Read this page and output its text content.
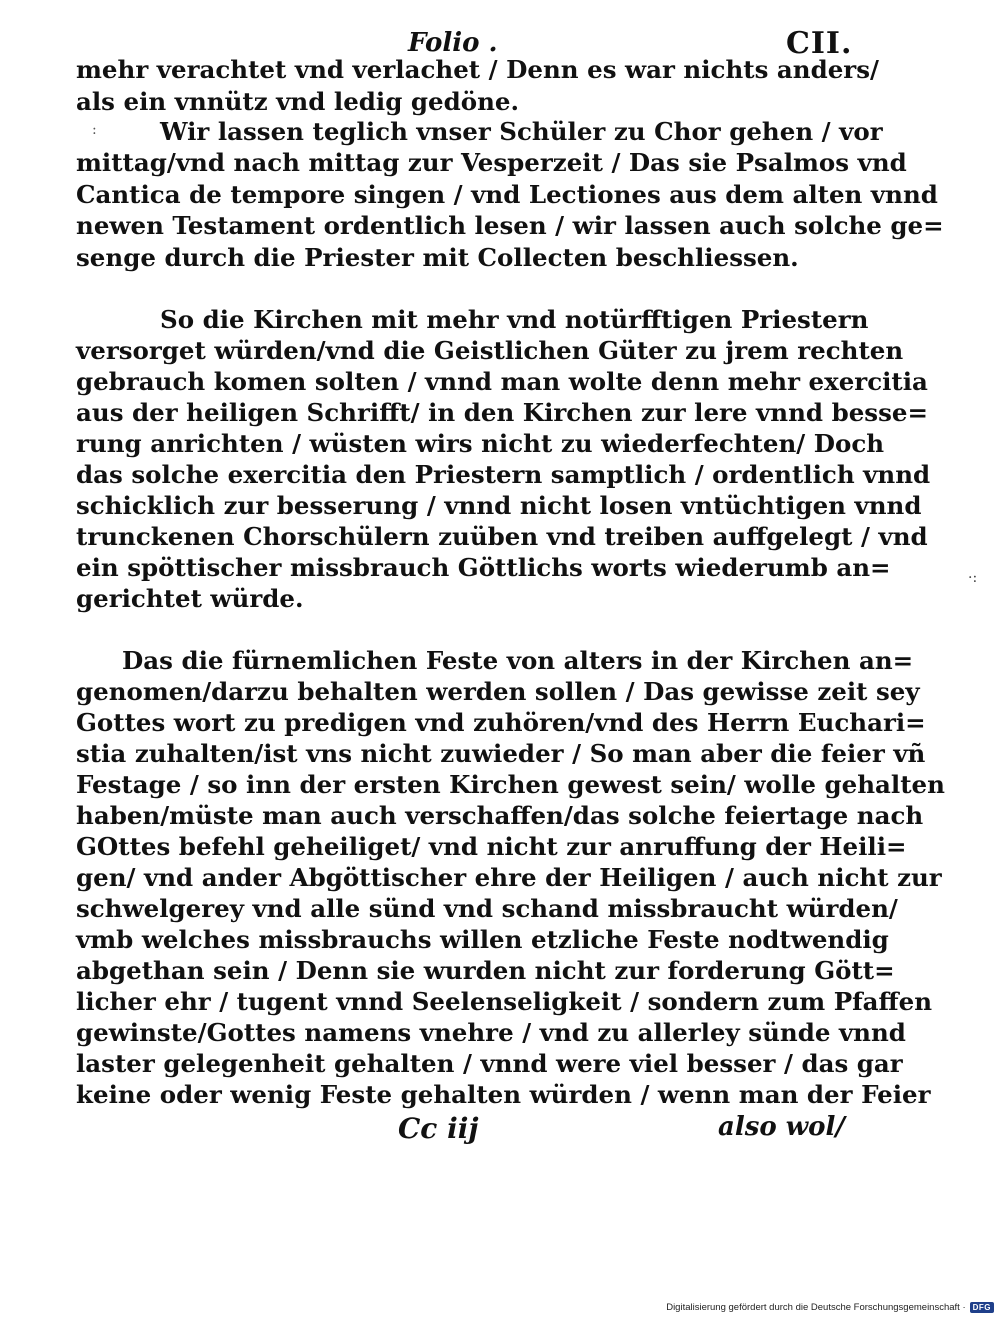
Folio .	CII.
:
mehr verachtet vnd verlachet / Denn es war nichts anders/
als ein vnnütz vnd ledig gedöne.
Wir lassen teglich vnser Schüler zu Chor gehen / vor
mittag/vnd nach mittag zur Vesperzeit / Das sie Psalmos vnd
Cantica de tempore singen / vnd Lectiones aus dem alten vnnd
newen Testament ordentlich lesen / wir lassen auch solche ge=
senge durch die Priester mit Collecten beschliessen.
So die Kirchen mit mehr vnd notürfftigen Priestern
versorget würden/vnd die Geistlichen Güter zu jrem rechten
gebrauch komen solten / vnnd man wolte denn mehr exercitia
aus der heiligen Schrifft/ in den Kirchen zur lere vnnd besse=
rung anrichten / wüsten wirs nicht zu wiederfechten/ Doch
das solche exercitia den Priestern samptlich / ordentlich vnnd
schicklich zur besserung / vnnd nicht losen vntüchtigen vnnd
trunckenen Chorschülern zuüben vnd treiben auffgelegt / vnd
ein spöttischer missbrauch Göttlichs worts wiederumb an=
gerichtet würde.
Das die fürnemlichen Feste von alters in der Kirchen an=
genomen/darzu behalten werden sollen / Das gewisse zeit sey
Gottes wort zu predigen vnd zuhören/vnd des Herrn Euchari=
stia zuhalten/ist vns nicht zuwieder / So man aber die feier vñ
Festage / so inn der ersten Kirchen gewest sein/ wolle gehalten
haben/müste man auch verschaffen/das solche feiertage nach
GOttes befehl geheiliget/ vnd nicht zur anruffung der Heili=
gen/ vnd ander Abgöttischer ehre der Heiligen / auch nicht zur
schwelgerey vnd alle sünd vnd schand missbraucht würden/
vmb welches missbrauchs willen etzliche Feste nodtwendig
abgethan sein / Denn sie wurden nicht zur forderung Gött=
licher ehr / tugent vnnd Seelenseligkeit / sondern zum Pfaffen
gewinste/Gottes namens vnehre / vnd zu allerley sünde vnnd
laster gelegenheit gehalten / vnnd were viel besser / das gar
keine oder wenig Feste gehalten würden / wenn man der Feier
Cc iij	also wol/
·:
Digitalisierung gefördert durch die Deutsche Forschungsgemeinschaft · DFG
